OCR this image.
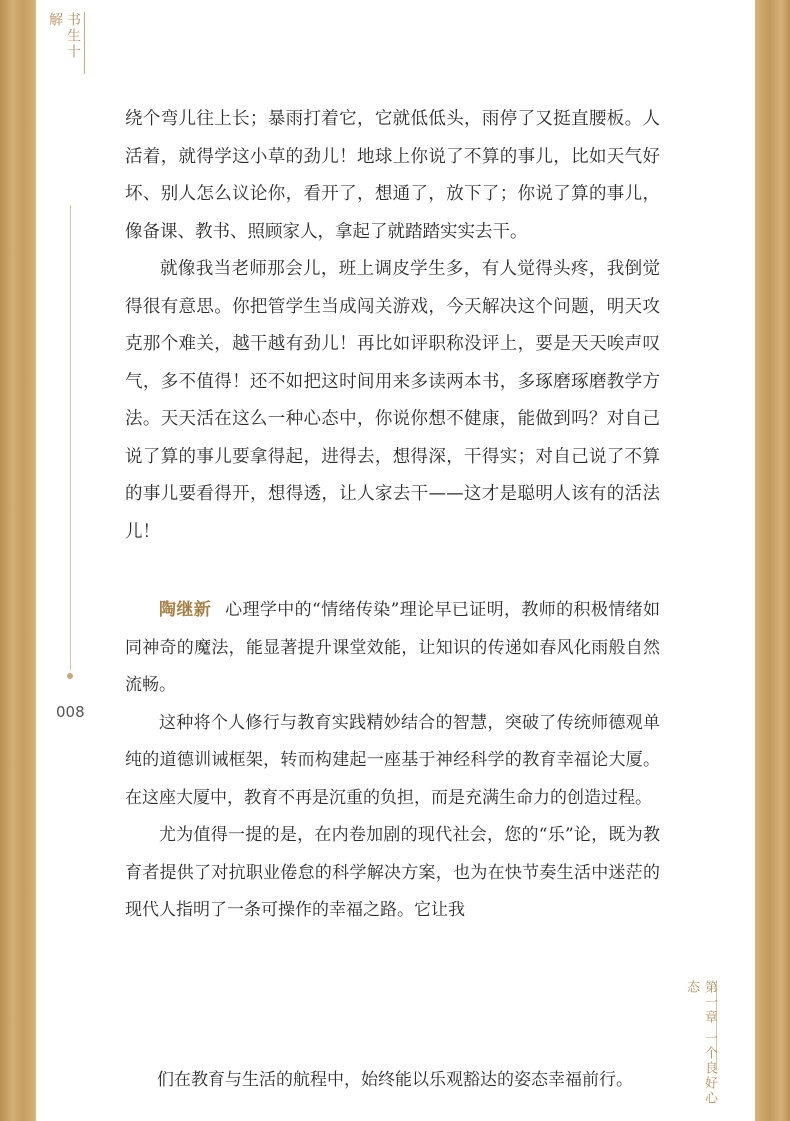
书生十解
008
第一章 一个良好心态

绕个弯儿往上长；暴雨打着它，它就低低头，雨停了又挺直腰板。人活着，就得学这小草的劲儿！地球上你说了不算的事儿，比如天气好坏、别人怎么议论你，看开了，想通了，放下了；你说了算的事儿，像备课、教书、照顾家人，拿起了就踏踏实实去干。

就像我当老师那会儿，班上调皮学生多，有人觉得头疼，我倒觉得很有意思。你把管学生当成闯关游戏，今天解决这个问题，明天攻克那个难关，越干越有劲儿！再比如评职称没评上，要是天天唉声叹气，多不值得！还不如把这时间用来多读两本书，多琢磨琢磨教学方法。天天活在这么一种心态中，你说你想不健康，能做到吗？对自己说了算的事儿要拿得起，进得去，想得深，干得实；对自己说了不算的事儿要看得开，想得透，让人家去干——这才是聪明人该有的活法儿！

陶继新 心理学中的“情绪传染”理论早已证明，教师的积极情绪如同神奇的魔法，能显著提升课堂效能，让知识的传递如春风化雨般自然流畅。

这种将个人修行与教育实践精妙结合的智慧，突破了传统师德观单纯的道德训诫框架，转而构建起一座基于神经科学的教育幸福论大厦。在这座大厦中，教育不再是沉重的负担，而是充满生命力的创造过程。

尤为值得一提的是，在内卷加剧的现代社会，您的“乐”论，既为教育者提供了对抗职业倦怠的科学解决方案，也为在快节奏生活中迷茫的现代人指明了一条可操作的幸福之路。它让我

们在教育与生活的航程中，始终能以乐观豁达的姿态幸福前行。
